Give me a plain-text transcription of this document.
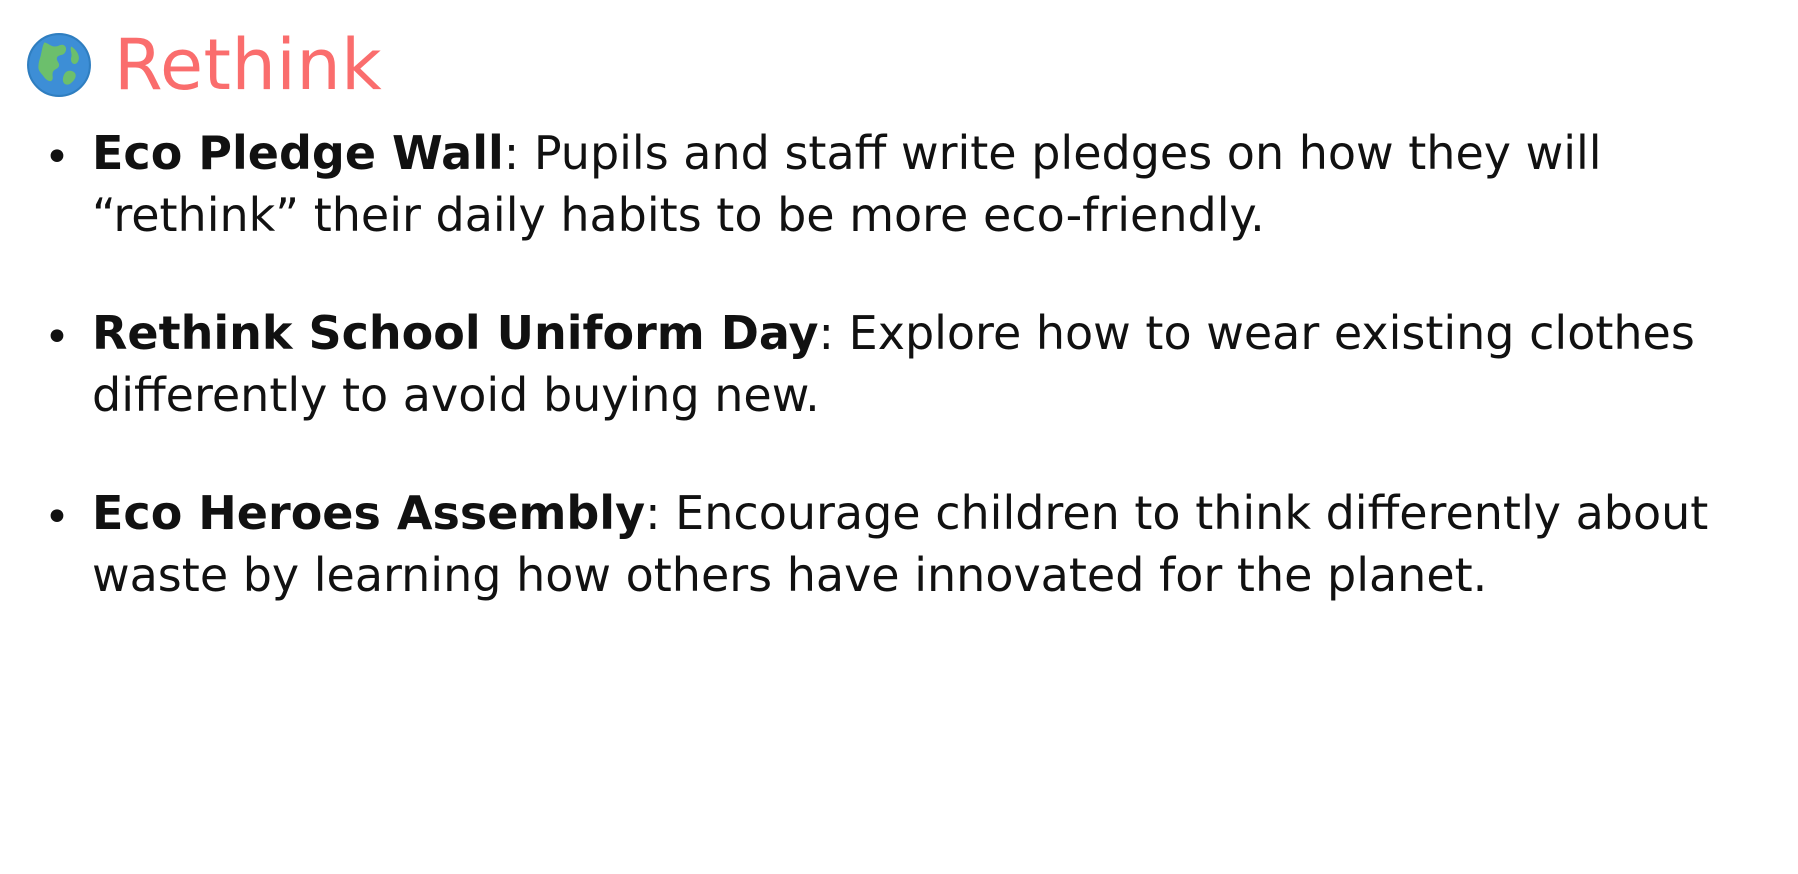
Rethink
• Eco Pledge Wall: Pupils and staff write pledges on how they will “rethink” their daily habits to be more eco-friendly.
• Rethink School Uniform Day: Explore how to wear existing clothes differently to avoid buying new.
• Eco Heroes Assembly: Encourage children to think differently about waste by learning how others have innovated for the planet.
